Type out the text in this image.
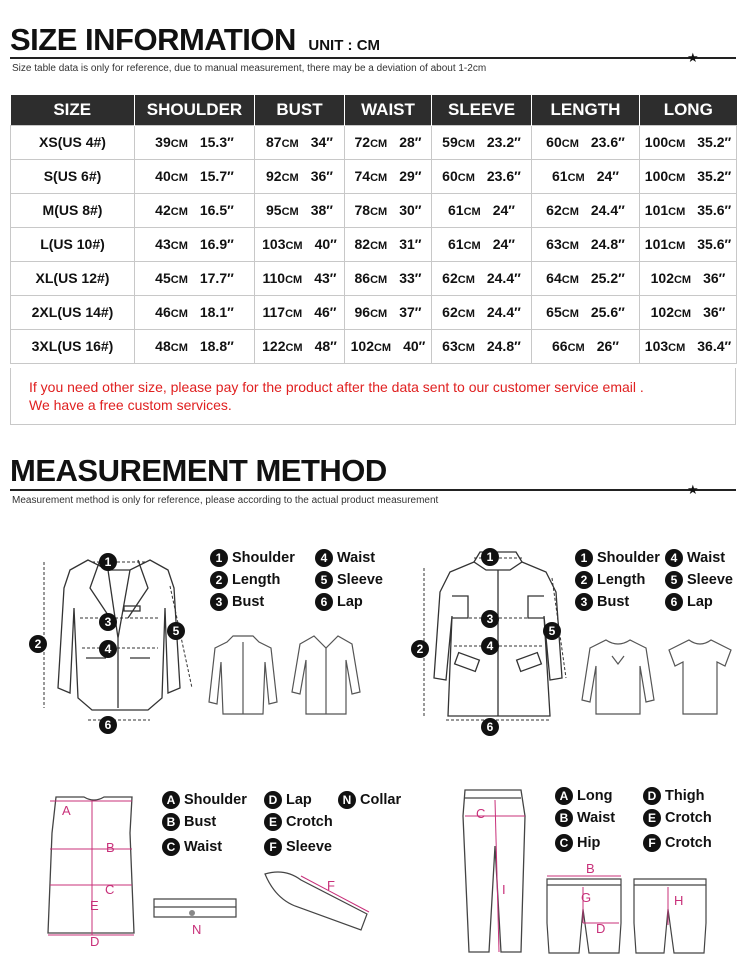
SIZE INFORMATION UNIT : CM
★
Size table data is only for reference, due to manual measurement, there may be a deviation of about 1-2cm
SIZE	SHOULDER	BUST	WAIST	SLEEVE	LENGTH	LONG
XS(US 4#)	39CM 15.3″	87CM 34″	72CM 28″	59CM 23.2″	60CM 23.6″	100CM 35.2″
S(US 6#)	40CM 15.7″	92CM 36″	74CM 29″	60CM 23.6″	61CM 24″	100CM 35.2″
M(US 8#)	42CM 16.5″	95CM 38″	78CM 30″	61CM 24″	62CM 24.4″	101CM 35.6″
L(US 10#)	43CM 16.9″	103CM 40″	82CM 31″	61CM 24″	63CM 24.8″	101CM 35.6″
XL(US 12#)	45CM 17.7″	110CM 43″	86CM 33″	62CM 24.4″	64CM 25.2″	102CM 36″
2XL(US 14#)	46CM 18.1″	117CM 46″	96CM 37″	62CM 24.4″	65CM 25.6″	102CM 36″
3XL(US 16#)	48CM 18.8″	122CM 48″	102CM 40″	63CM 24.8″	66CM 26″	103CM 36.4″
If you need other size, please pay for the product after the data sent to our customer service email .
We have a free custom services.
MEASUREMENT METHOD
★
Measurement method is only for reference, please according to the actual product measurement
1
2
3
4
5
6
1 Shoulder	4 Waist
2 Length	5 Sleeve
3 Bust	6 Lap
1
2
3
4
5
6
1 Shoulder 4 Waist
2 Length	5 Sleeve
3 Bust	6 Lap
A
B
C
E
D
A Shoulder	D Lap	N Collar
B Bust	E Crotch
C Waist	F Sleeve
N
F
C
I
A Long	D Thigh
B Waist	E Crotch
C Hip	F Crotch
B
G
D
H
